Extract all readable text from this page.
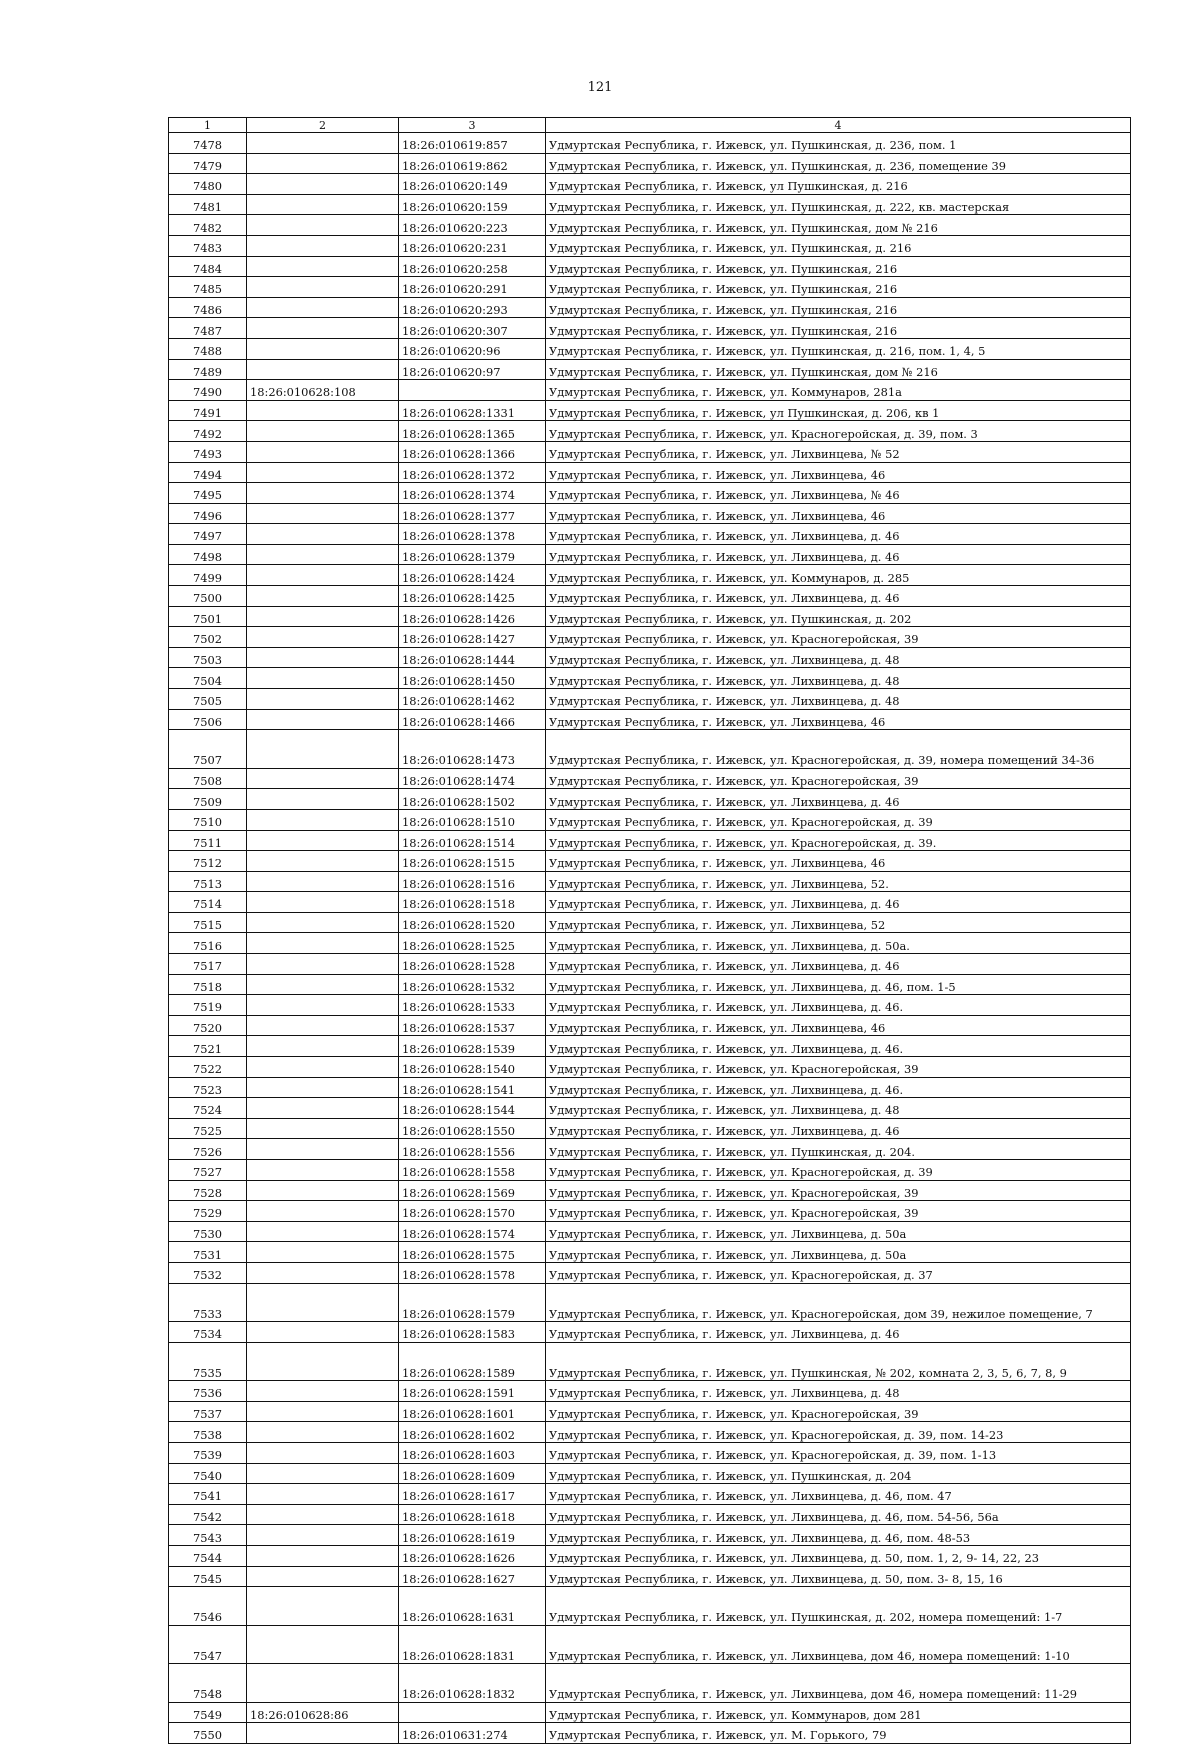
121
1	2	3	4
7478		18:26:010619:857	Удмуртская Республика, г. Ижевск, ул. Пушкинская, д. 236, пом. 1
7479		18:26:010619:862	Удмуртская Республика, г. Ижевск, ул. Пушкинская, д. 236, помещение 39
7480		18:26:010620:149	Удмуртская Республика, г. Ижевск, ул Пушкинская, д. 216
7481		18:26:010620:159	Удмуртская Республика, г. Ижевск, ул. Пушкинская, д. 222, кв. мастерская
7482		18:26:010620:223	Удмуртская Республика, г. Ижевск, ул. Пушкинская, дом № 216
7483		18:26:010620:231	Удмуртская Республика, г. Ижевск, ул. Пушкинская, д. 216
7484		18:26:010620:258	Удмуртская Республика, г. Ижевск, ул. Пушкинская, 216
7485		18:26:010620:291	Удмуртская Республика, г. Ижевск, ул. Пушкинская, 216
7486		18:26:010620:293	Удмуртская Республика, г. Ижевск, ул. Пушкинская, 216
7487		18:26:010620:307	Удмуртская Республика, г. Ижевск, ул. Пушкинская, 216
7488		18:26:010620:96	Удмуртская Республика, г. Ижевск, ул. Пушкинская, д. 216, пом. 1, 4, 5
7489		18:26:010620:97	Удмуртская Республика, г. Ижевск, ул. Пушкинская, дом № 216
7490	18:26:010628:108		Удмуртская Республика, г. Ижевск, ул. Коммунаров, 281а
7491		18:26:010628:1331	Удмуртская Республика, г. Ижевск, ул Пушкинская, д. 206, кв 1
7492		18:26:010628:1365	Удмуртская Республика, г. Ижевск, ул. Красногеройская, д. 39, пом. 3
7493		18:26:010628:1366	Удмуртская Республика, г. Ижевск, ул. Лихвинцева, № 52
7494		18:26:010628:1372	Удмуртская Республика, г. Ижевск, ул. Лихвинцева, 46
7495		18:26:010628:1374	Удмуртская Республика, г. Ижевск, ул. Лихвинцева, № 46
7496		18:26:010628:1377	Удмуртская Республика, г. Ижевск, ул. Лихвинцева, 46
7497		18:26:010628:1378	Удмуртская Республика, г. Ижевск, ул. Лихвинцева, д. 46
7498		18:26:010628:1379	Удмуртская Республика, г. Ижевск, ул. Лихвинцева, д. 46
7499		18:26:010628:1424	Удмуртская Республика, г. Ижевск, ул. Коммунаров, д. 285
7500		18:26:010628:1425	Удмуртская Республика, г. Ижевск, ул. Лихвинцева, д. 46
7501		18:26:010628:1426	Удмуртская Республика, г. Ижевск, ул. Пушкинская, д. 202
7502		18:26:010628:1427	Удмуртская Республика, г. Ижевск, ул. Красногеройская, 39
7503		18:26:010628:1444	Удмуртская Республика, г. Ижевск, ул. Лихвинцева, д. 48
7504		18:26:010628:1450	Удмуртская Республика, г. Ижевск, ул. Лихвинцева, д. 48
7505		18:26:010628:1462	Удмуртская Республика, г. Ижевск, ул. Лихвинцева, д. 48
7506		18:26:010628:1466	Удмуртская Республика, г. Ижевск, ул. Лихвинцева, 46
7507		18:26:010628:1473	Удмуртская Республика, г. Ижевск, ул. Красногеройская, д. 39, номера помещений 34-36
7508		18:26:010628:1474	Удмуртская Республика, г. Ижевск, ул. Красногеройская, 39
7509		18:26:010628:1502	Удмуртская Республика, г. Ижевск, ул. Лихвинцева, д. 46
7510		18:26:010628:1510	Удмуртская Республика, г. Ижевск, ул. Красногеройская, д. 39
7511		18:26:010628:1514	Удмуртская Республика, г. Ижевск, ул. Красногеройская, д. 39.
7512		18:26:010628:1515	Удмуртская Республика, г. Ижевск, ул. Лихвинцева, 46
7513		18:26:010628:1516	Удмуртская Республика, г. Ижевск, ул. Лихвинцева, 52.
7514		18:26:010628:1518	Удмуртская Республика, г. Ижевск, ул. Лихвинцева, д. 46
7515		18:26:010628:1520	Удмуртская Республика, г. Ижевск, ул. Лихвинцева, 52
7516		18:26:010628:1525	Удмуртская Республика, г. Ижевск, ул. Лихвинцева, д. 50а.
7517		18:26:010628:1528	Удмуртская Республика, г. Ижевск, ул. Лихвинцева, д. 46
7518		18:26:010628:1532	Удмуртская Республика, г. Ижевск, ул. Лихвинцева, д. 46, пом. 1-5
7519		18:26:010628:1533	Удмуртская Республика, г. Ижевск, ул. Лихвинцева, д. 46.
7520		18:26:010628:1537	Удмуртская Республика, г. Ижевск, ул. Лихвинцева, 46
7521		18:26:010628:1539	Удмуртская Республика, г. Ижевск, ул. Лихвинцева, д. 46.
7522		18:26:010628:1540	Удмуртская Республика, г. Ижевск, ул. Красногеройская, 39
7523		18:26:010628:1541	Удмуртская Республика, г. Ижевск, ул. Лихвинцева, д. 46.
7524		18:26:010628:1544	Удмуртская Республика, г. Ижевск, ул. Лихвинцева, д. 48
7525		18:26:010628:1550	Удмуртская Республика, г. Ижевск, ул. Лихвинцева, д. 46
7526		18:26:010628:1556	Удмуртская Республика, г. Ижевск, ул. Пушкинская, д. 204.
7527		18:26:010628:1558	Удмуртская Республика, г. Ижевск, ул. Красногеройская, д. 39
7528		18:26:010628:1569	Удмуртская Республика, г. Ижевск, ул. Красногеройская, 39
7529		18:26:010628:1570	Удмуртская Республика, г. Ижевск, ул. Красногеройская, 39
7530		18:26:010628:1574	Удмуртская Республика, г. Ижевск, ул. Лихвинцева, д. 50а
7531		18:26:010628:1575	Удмуртская Республика, г. Ижевск, ул. Лихвинцева, д. 50а
7532		18:26:010628:1578	Удмуртская Республика, г. Ижевск, ул. Красногеройская, д. 37
7533		18:26:010628:1579	Удмуртская Республика, г. Ижевск, ул. Красногеройская, дом 39, нежилое помещение, 7
7534		18:26:010628:1583	Удмуртская Республика, г. Ижевск, ул. Лихвинцева, д. 46
7535		18:26:010628:1589	Удмуртская Республика, г. Ижевск, ул. Пушкинская, № 202, комната 2, 3, 5, 6, 7, 8, 9
7536		18:26:010628:1591	Удмуртская Республика, г. Ижевск, ул. Лихвинцева, д. 48
7537		18:26:010628:1601	Удмуртская Республика, г. Ижевск, ул. Красногеройская, 39
7538		18:26:010628:1602	Удмуртская Республика, г. Ижевск, ул. Красногеройская, д. 39, пом. 14-23
7539		18:26:010628:1603	Удмуртская Республика, г. Ижевск, ул. Красногеройская, д. 39, пом. 1-13
7540		18:26:010628:1609	Удмуртская Республика, г. Ижевск, ул. Пушкинская, д. 204
7541		18:26:010628:1617	Удмуртская Республика, г. Ижевск, ул. Лихвинцева, д. 46, пом. 47
7542		18:26:010628:1618	Удмуртская Республика, г. Ижевск, ул. Лихвинцева, д. 46, пом. 54-56, 56а
7543		18:26:010628:1619	Удмуртская Республика, г. Ижевск, ул. Лихвинцева, д. 46, пом. 48-53
7544		18:26:010628:1626	Удмуртская Республика, г. Ижевск, ул. Лихвинцева, д. 50, пом. 1, 2, 9- 14, 22, 23
7545		18:26:010628:1627	Удмуртская Республика, г. Ижевск, ул. Лихвинцева, д. 50, пом. 3- 8, 15, 16
7546		18:26:010628:1631	Удмуртская Республика, г. Ижевск, ул. Пушкинская, д. 202, номера помещений: 1-7
7547		18:26:010628:1831	Удмуртская Республика, г. Ижевск, ул. Лихвинцева, дом 46, номера помещений: 1-10
7548		18:26:010628:1832	Удмуртская Республика, г. Ижевск, ул. Лихвинцева, дом 46, номера помещений: 11-29
7549	18:26:010628:86		Удмуртская Республика, г. Ижевск, ул. Коммунаров, дом 281
7550		18:26:010631:274	Удмуртская Республика, г. Ижевск, ул. М. Горького, 79
